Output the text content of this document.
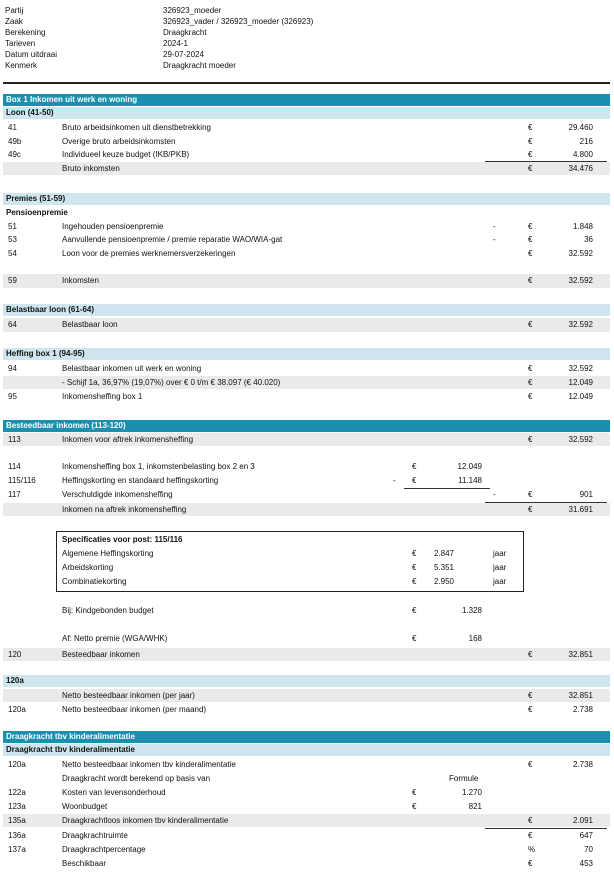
Partij	326923_moeder
Zaak	326923_vader / 326923_moeder (326923)
Berekening	Draagkracht
Tarieven	2024-1
Datum uitdraai	29-07-2024
Kenmerk	Draagkracht moeder
Box 1 Inkomen uit werk en woning
Loon (41-50)
41	Bruto arbeidsinkomen uit dienstbetrekking	€	29.460
49b	Overige bruto arbeidsinkomsten	€	216
49c	Individueel keuze budget (IKB/PKB)	€	4.800
Bruto inkomsten	€	34.476
Premies (51-59)
Pensioenpremie
51	Ingehouden pensioenpremie	-	€	1.848
53	Aanvullende pensioenpremie / premie reparatie WAO/WIA-gat	-	€	36
54	Loon voor de premies werknemersverzekeringen	€	32.592
59	Inkomsten	€	32.592
Belastbaar loon (61-64)
64	Belastbaar loon	€	32.592
Heffing box 1 (94-95)
94	Belastbaar inkomen uit werk en woning	€	32.592
- Schijf 1a, 36,97% (19,07%) over € 0 t/m € 38.097 (€ 40.020)	€	12.049
95	Inkomensheffing box 1	€	12.049
Besteedbaar inkomen (113-120)
113	Inkomen voor aftrek inkomensheffing	€	32.592
114	Inkomensheffing box 1, inkomstenbelasting box 2 en 3	€	12.049
115/116	Heffingskorting en standaard heffingskorting	- €	11.148
117	Verschuldigde inkomensheffing	-	€	901
Inkomen na aftrek inkomensheffing	€	31.691
Specificaties voor post: 115/116
Algemene Heffingskorting	€	2.847	jaar
Arbeidskorting	€	5.351	jaar
Combinatiekorting	€	2.950	jaar
Bij: Kindgebonden budget	€	1.328
Af: Netto premie (WGA/WHK)	€	168
120	Besteedbaar inkomen	€	32.851
120a
Netto besteedbaar inkomen (per jaar)	€	32.851
120a	Netto besteedbaar inkomen (per maand)	€	2.738
Draagkracht tbv kinderalimentatie
Draagkracht tbv kinderalimentatie
120a	Netto besteedbaar inkomen tbv kinderalimentatie	€	2.738
Draagkracht wordt berekend op basis van	Formule
122a	Kosten van levensonderhoud	€	1.270
123a	Woonbudget	€	821
135a	Draagkrachtloos inkomen tbv kinderalimentatie	€	2.091
136a	Draagkrachtruimte	€	647
137a	Draagkrachtpercentage	%	70
Beschikbaar	€	453
